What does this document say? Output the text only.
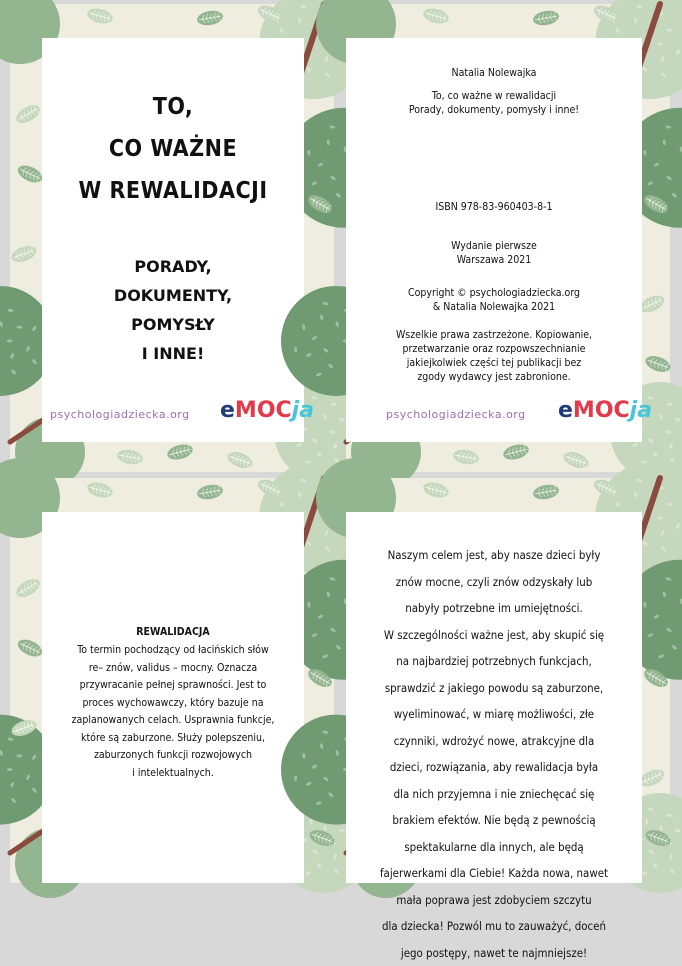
TO,
CO WAŻNE
W REWALIDACJI
PORADY,
DOKUMENTY,
POMYSŁY
I INNE!
psychologiadziecka.org eMOCja
Natalia Nolewajka
To, co ważne w rewalidacji
Porady, dokumenty, pomysły i inne!
ISBN 978-83-960403-8-1
Wydanie pierwsze
Warszawa 2021
Copyright © psychologiadziecka.org
& Natalia Nolewajka 2021
Wszelkie prawa zastrzeżone. Kopiowanie,
przetwarzanie oraz rozpowszechnianie
jakiejkolwiek części tej publikacji bez
zgody wydawcy jest zabronione.
psychologiadziecka.org eMOCja
REWALIDACJA
To termin pochodzący od łacińskich słów
re– znów, validus – mocny. Oznacza
przywracanie pełnej sprawności. Jest to
proces wychowawczy, który bazuje na
zaplanowanych celach. Usprawnia funkcje,
które są zaburzone. Służy polepszeniu,
zaburzonych funkcji rozwojowych
i intelektualnych.
Naszym celem jest, aby nasze dzieci były
znów mocne, czyli znów odzyskały lub
nabyły potrzebne im umiejętności.
W szczególności ważne jest, aby skupić się
na najbardziej potrzebnych funkcjach,
sprawdzić z jakiego powodu są zaburzone,
wyeliminować, w miarę możliwości, złe
czynniki, wdrożyć nowe, atrakcyjne dla
dzieci, rozwiązania, aby rewalidacja była
dla nich przyjemna i nie zniechęcać się
brakiem efektów. Nie będą z pewnością
spektakularne dla innych, ale będą
fajerwerkami dla Ciebie! Każda nowa, nawet
mała poprawa jest zdobyciem szczytu
dla dziecka! Pozwól mu to zauważyć, doceń
jego postępy, nawet te najmniejsze!
